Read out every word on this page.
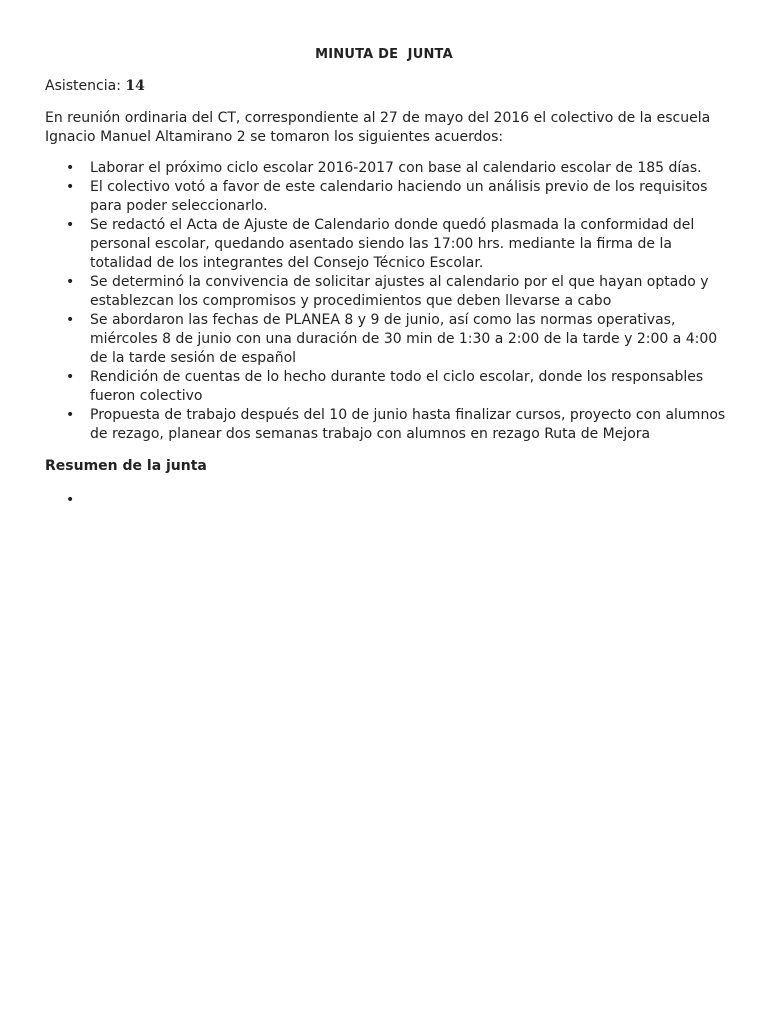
MINUTA DE  JUNTA
Asistencia: 14

En reunión ordinaria del CT, correspondiente al 27 de mayo del 2016 el colectivo de la escuela Ignacio Manuel Altamirano 2 se tomaron los siguientes acuerdos:

• Laborar el próximo ciclo escolar 2016-2017 con base al calendario escolar de 185 días.
• El colectivo votó a favor de este calendario haciendo un análisis previo de los requisitos para poder seleccionarlo.
• Se redactó el Acta de Ajuste de Calendario donde quedó plasmada la conformidad del personal escolar, quedando asentado siendo las 17:00 hrs. mediante la firma de la totalidad de los integrantes del Consejo Técnico Escolar.
• Se determinó la convivencia de solicitar ajustes al calendario por el que hayan optado y establezcan los compromisos y procedimientos que deben llevarse a cabo
• Se abordaron las fechas de PLANEA 8 y 9 de junio, así como las normas operativas, miércoles 8 de junio con una duración de 30 min de 1:30 a 2:00 de la tarde y 2:00 a 4:00 de la tarde sesión de español
• Rendición de cuentas de lo hecho durante todo el ciclo escolar, donde los responsables fueron colectivo
• Propuesta de trabajo después del 10 de junio hasta finalizar cursos, proyecto con alumnos de rezago, planear dos semanas trabajo con alumnos en rezago Ruta de Mejora
Resumen de la junta
•
